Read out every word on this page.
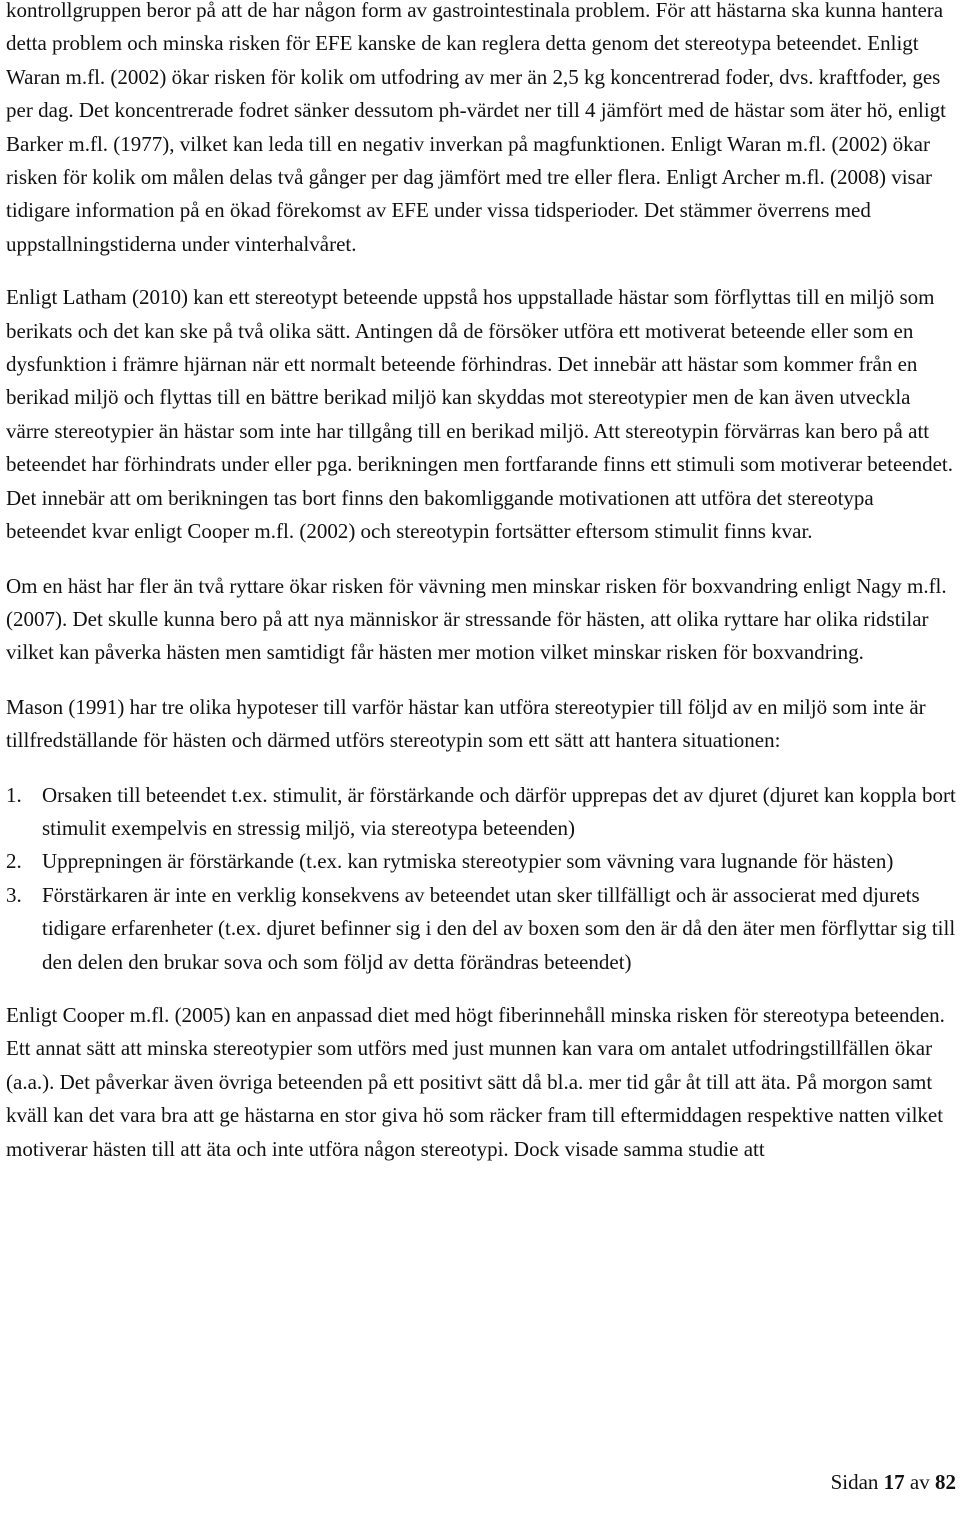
kontrollgruppen beror på att de har någon form av gastrointestinala problem. För att hästarna ska kunna hantera detta problem och minska risken för EFE kanske de kan reglera detta genom det stereotypa beteendet. Enligt Waran m.fl. (2002) ökar risken för kolik om utfodring av mer än 2,5 kg koncentrerad foder, dvs. kraftfoder, ges per dag. Det koncentrerade fodret sänker dessutom ph-värdet ner till 4 jämfört med de hästar som äter hö, enligt Barker m.fl. (1977), vilket kan leda till en negativ inverkan på magfunktionen. Enligt Waran m.fl. (2002) ökar risken för kolik om målen delas två gånger per dag jämfört med tre eller flera. Enligt Archer m.fl. (2008) visar tidigare information på en ökad förekomst av EFE under vissa tidsperioder. Det stämmer överrens med uppstallningstiderna under vinterhalvåret.

Enligt Latham (2010) kan ett stereotypt beteende uppstå hos uppstallade hästar som förflyttas till en miljö som berikats och det kan ske på två olika sätt. Antingen då de försöker utföra ett motiverat beteende eller som en dysfunktion i främre hjärnan när ett normalt beteende förhindras. Det innebär att hästar som kommer från en berikad miljö och flyttas till en bättre berikad miljö kan skyddas mot stereotypier men de kan även utveckla värre stereotypier än hästar som inte har tillgång till en berikad miljö. Att stereotypin förvärras kan bero på att beteendet har förhindrats under eller pga. berikningen men fortfarande finns ett stimuli som motiverar beteendet. Det innebär att om berikningen tas bort finns den bakomliggande motivationen att utföra det stereotypa beteendet kvar enligt Cooper m.fl. (2002) och stereotypin fortsätter eftersom stimulit finns kvar.

Om en häst har fler än två ryttare ökar risken för vävning men minskar risken för boxvandring enligt Nagy m.fl. (2007). Det skulle kunna bero på att nya människor är stressande för hästen, att olika ryttare har olika ridstilar vilket kan påverka hästen men samtidigt får hästen mer motion vilket minskar risken för boxvandring.

Mason (1991) har tre olika hypoteser till varför hästar kan utföra stereotypier till följd av en miljö som inte är tillfredställande för hästen och därmed utförs stereotypin som ett sätt att hantera situationen:

1. Orsaken till beteendet t.ex. stimulit, är förstärkande och därför upprepas det av djuret (djuret kan koppla bort stimulit exempelvis en stressig miljö, via stereotypa beteenden)
2. Upprepningen är förstärkande (t.ex. kan rytmiska stereotypier som vävning vara lugnande för hästen)
3. Förstärkaren är inte en verklig konsekvens av beteendet utan sker tillfälligt och är associerat med djurets tidigare erfarenheter (t.ex. djuret befinner sig i den del av boxen som den är då den äter men förflyttar sig till den delen den brukar sova och som följd av detta förändras beteendet)

Enligt Cooper m.fl. (2005) kan en anpassad diet med högt fiberinnehåll minska risken för stereotypa beteenden. Ett annat sätt att minska stereotypier som utförs med just munnen kan vara om antalet utfodringstillfällen ökar (a.a.). Det påverkar även övriga beteenden på ett positivt sätt då bl.a. mer tid går åt till att äta. På morgon samt kväll kan det vara bra att ge hästarna en stor giva hö som räcker fram till eftermiddagen respektive natten vilket motiverar hästen till att äta och inte utföra någon stereotypi. Dock visade samma studie att

Sidan 17 av 82
